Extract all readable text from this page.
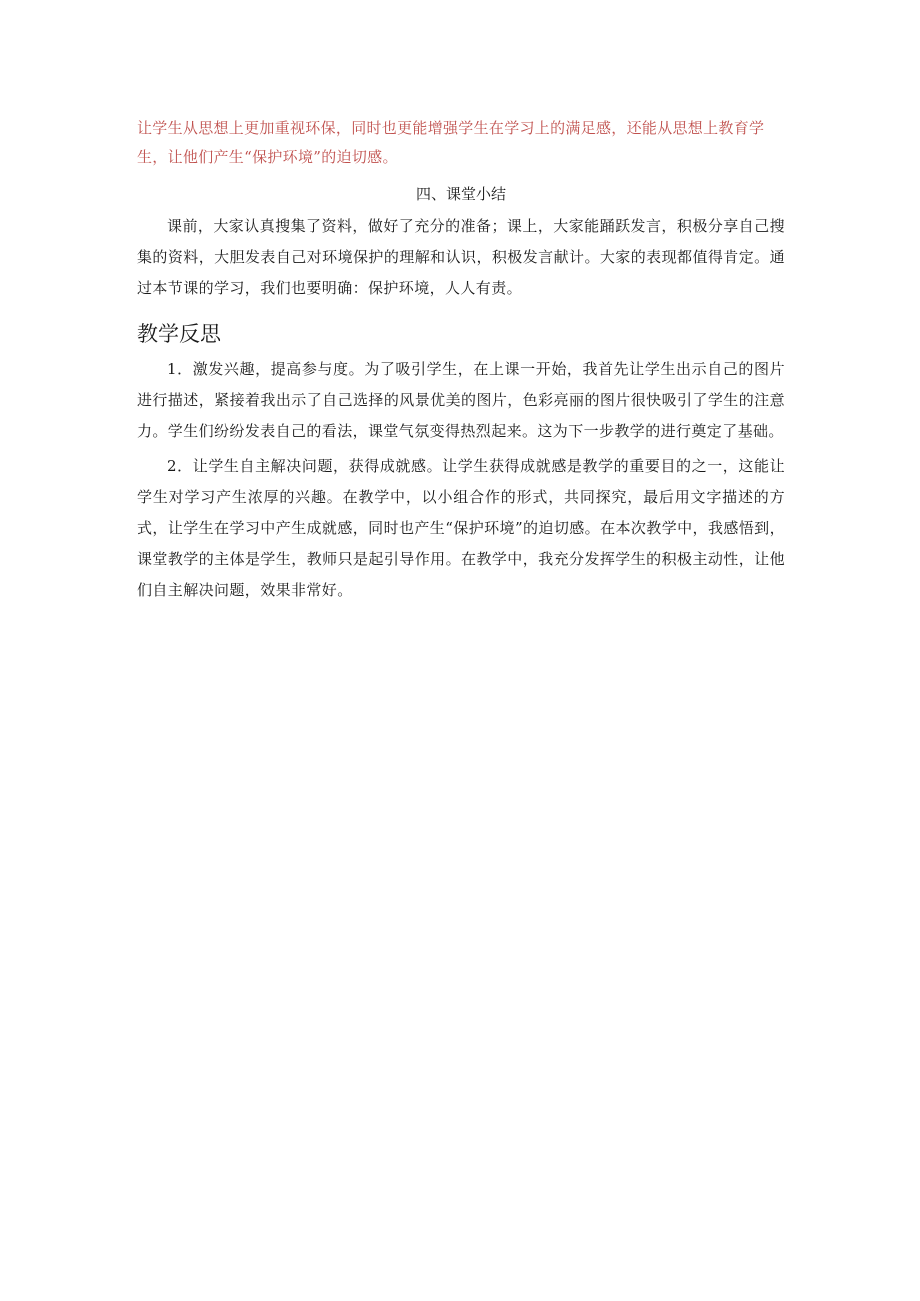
让学生从思想上更加重视环保，同时也更能增强学生在学习上的满足感，还能从思想上教育学生，让他们产生“保护环境”的迫切感。

四、课堂小结

课前，大家认真搜集了资料，做好了充分的准备；课上，大家能踊跃发言，积极分享自己搜集的资料，大胆发表自己对环境保护的理解和认识，积极发言献计。大家的表现都值得肯定。通过本节课的学习，我们也要明确：保护环境，人人有责。

教学反思

1．激发兴趣，提高参与度。为了吸引学生，在上课一开始，我首先让学生出示自己的图片进行描述，紧接着我出示了自己选择的风景优美的图片，色彩亮丽的图片很快吸引了学生的注意力。学生们纷纷发表自己的看法，课堂气氛变得热烈起来。这为下一步教学的进行奠定了基础。

2．让学生自主解决问题，获得成就感。让学生获得成就感是教学的重要目的之一，这能让学生对学习产生浓厚的兴趣。在教学中，以小组合作的形式，共同探究，最后用文字描述的方式，让学生在学习中产生成就感，同时也产生“保护环境”的迫切感。在本次教学中，我感悟到，课堂教学的主体是学生，教师只是起引导作用。在教学中，我充分发挥学生的积极主动性，让他们自主解决问题，效果非常好。
